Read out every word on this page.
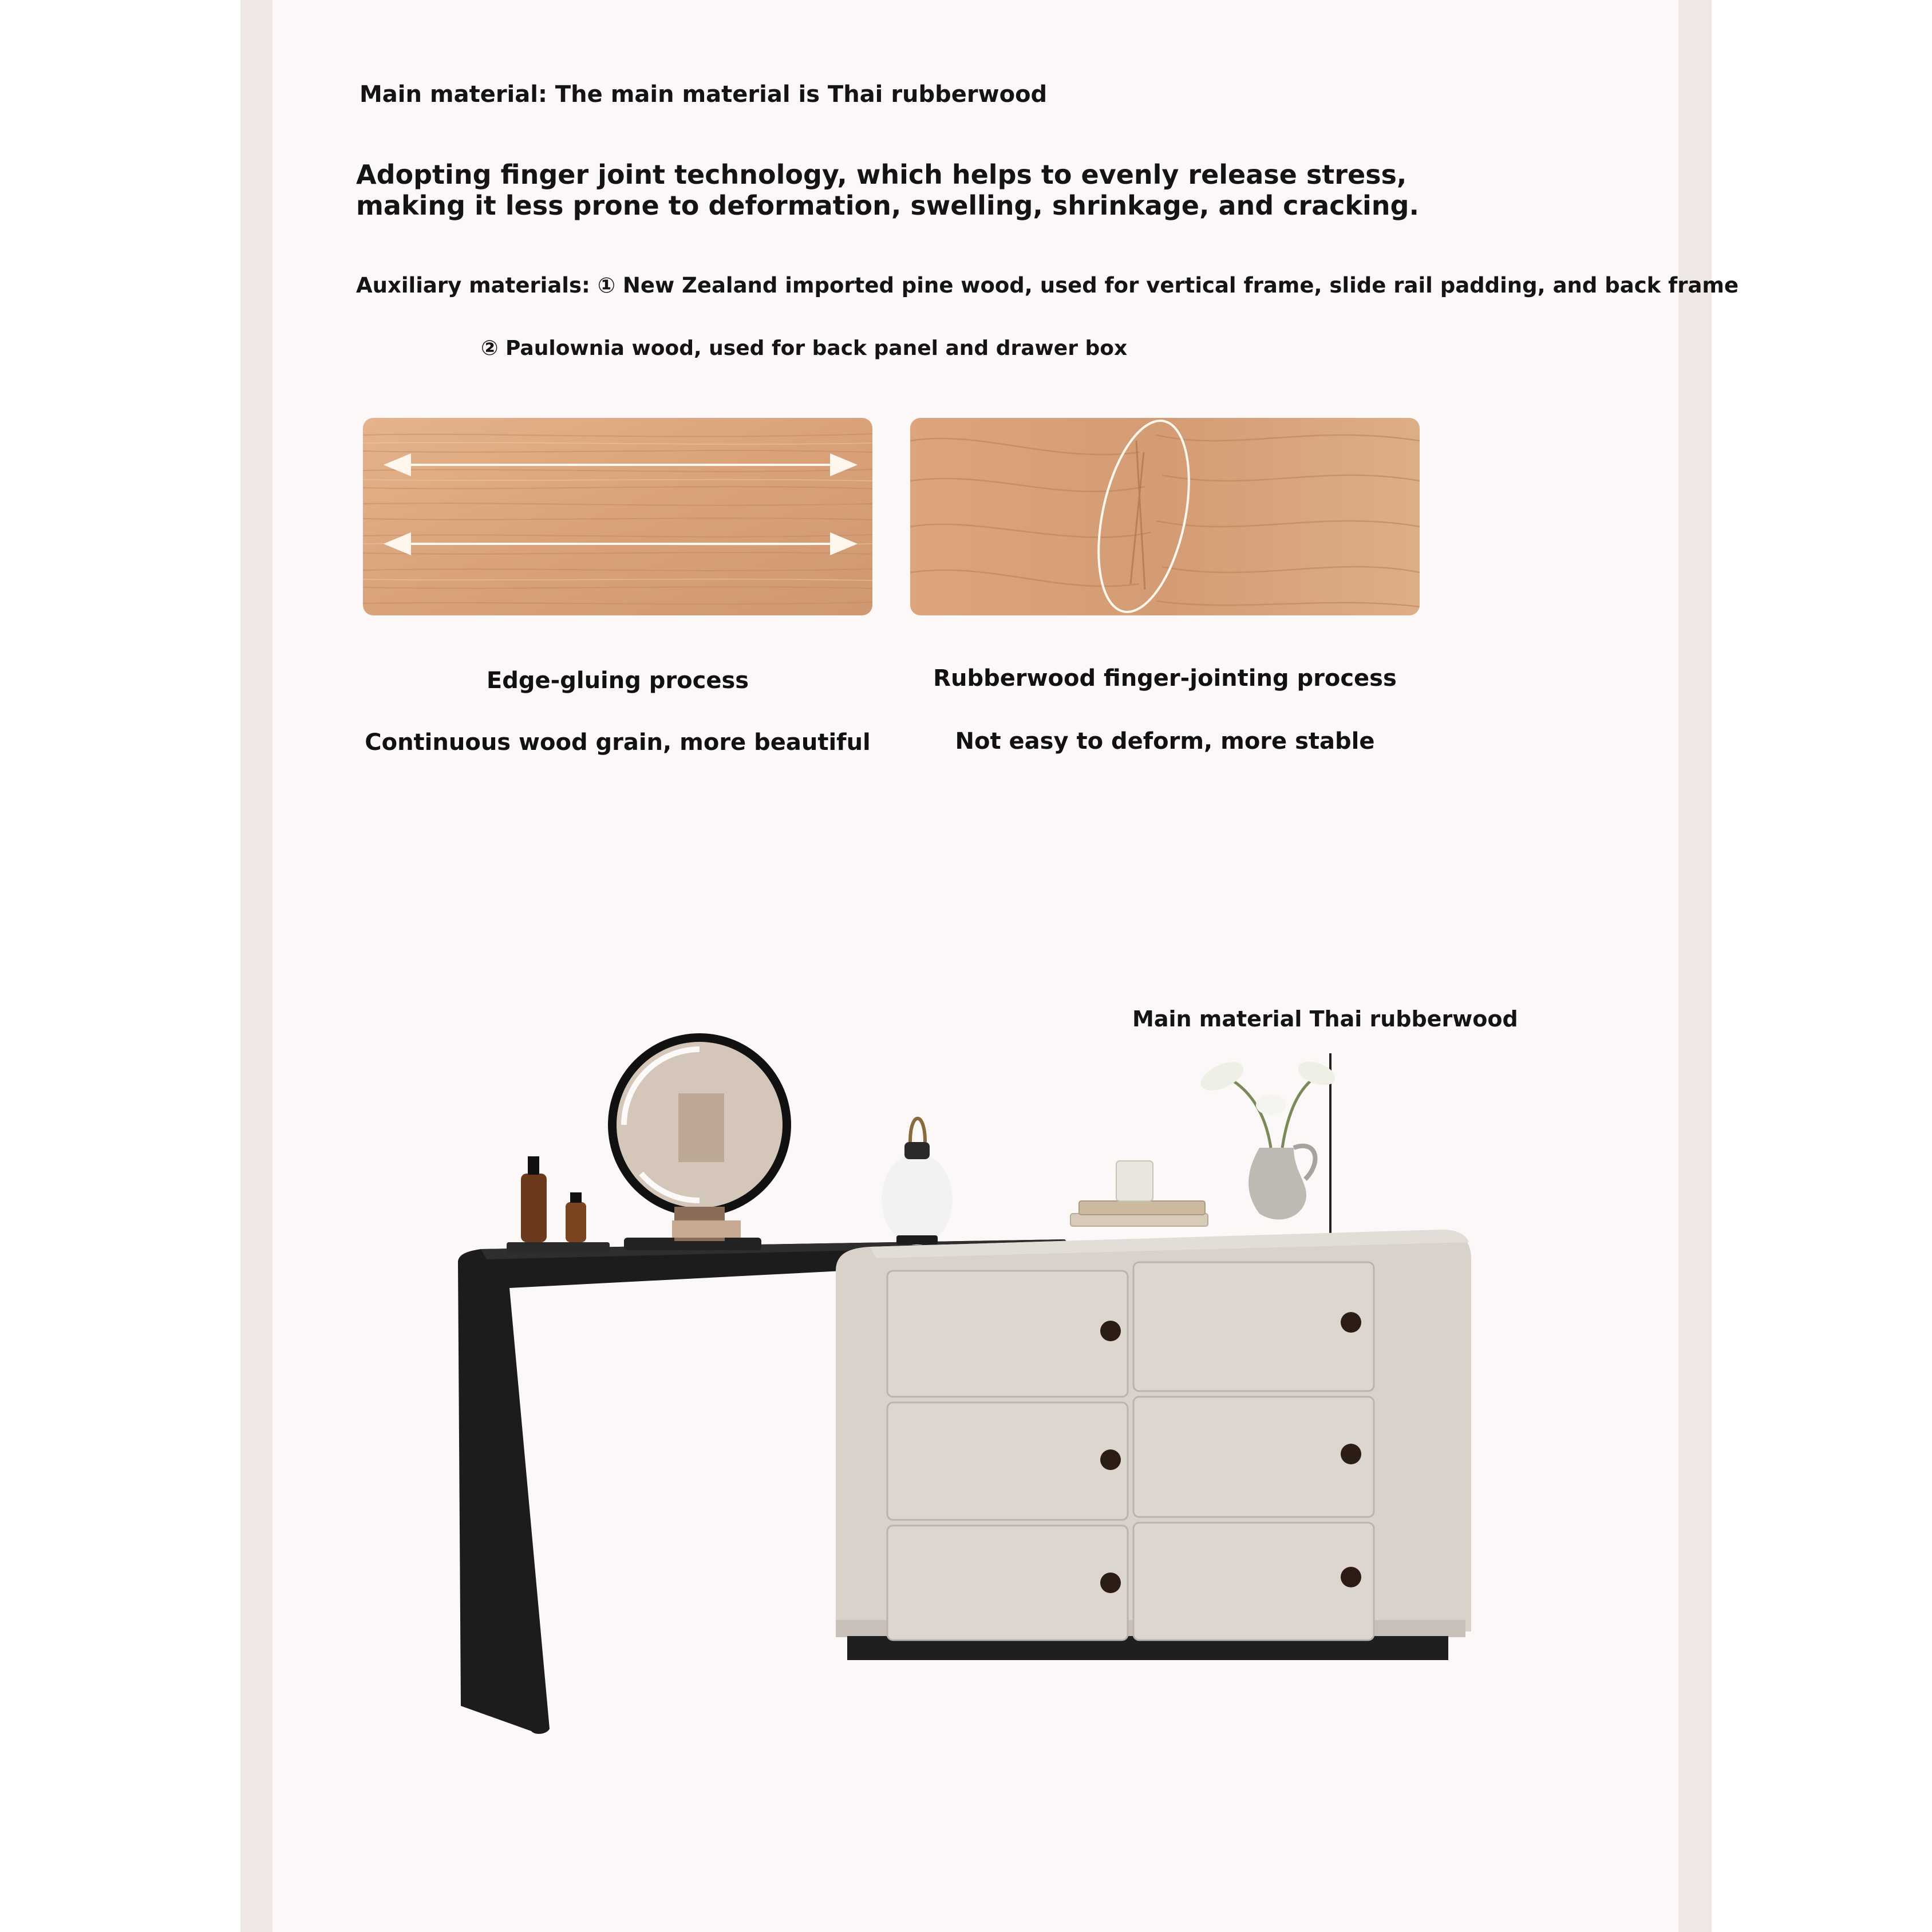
Main material: The main material is Thai rubberwood
Adopting finger joint technology, which helps to evenly release stress,
making it less prone to deformation, swelling, shrinkage, and cracking.
Auxiliary materials: ① New Zealand imported pine wood, used for vertical frame, slide rail padding, and back frame
② Paulownia wood, used for back panel and drawer box
Edge-gluing process
Continuous wood grain, more beautiful
Rubberwood finger-jointing process
Not easy to deform, more stable
Main material Thai rubberwood
